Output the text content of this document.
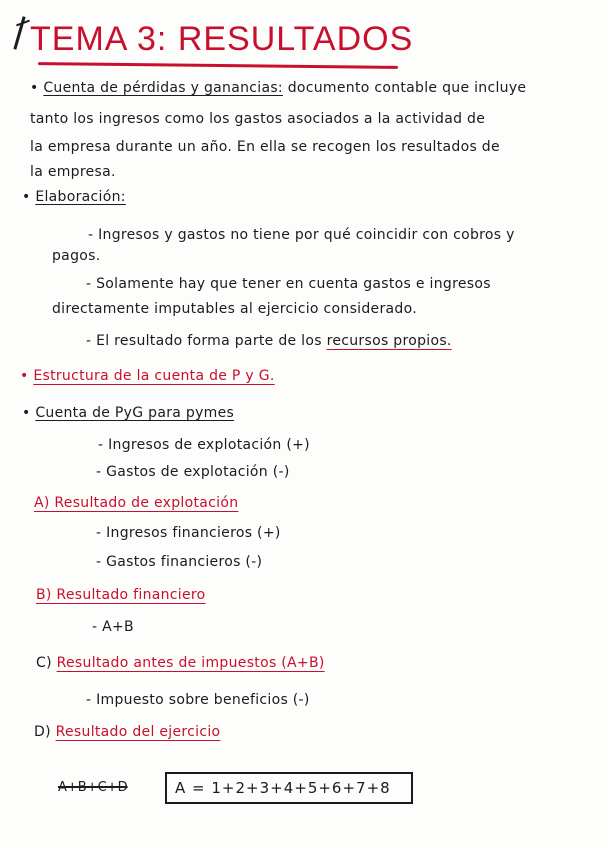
TEMA 3: RESULTADOS
• Cuenta de pérdidas y ganancias: documento contable que incluye
tanto los ingresos como los gastos asociados a la actividad de
la empresa durante un año. En ella se recogen los resultados de
la empresa.
• Elaboración:
- Ingresos y gastos no tiene por qué coincidir con cobros y
pagos.
- Solamente hay que tener en cuenta gastos e ingresos
directamente imputables al ejercicio considerado.
- El resultado forma parte de los recursos propios.
• Estructura de la cuenta de P y G.
• Cuenta de PyG para pymes
- Ingresos de explotación (+)
- Gastos de explotación (-)
A) Resultado de explotación
- Ingresos financieros (+)
- Gastos financieros (-)
B) Resultado financiero
- A+B
C) Resultado antes de impuestos (A+B)
- Impuesto sobre beneficios (-)
D) Resultado del ejercicio
A+B+C+D	A = 1+2+3+4+5+6+7+8
